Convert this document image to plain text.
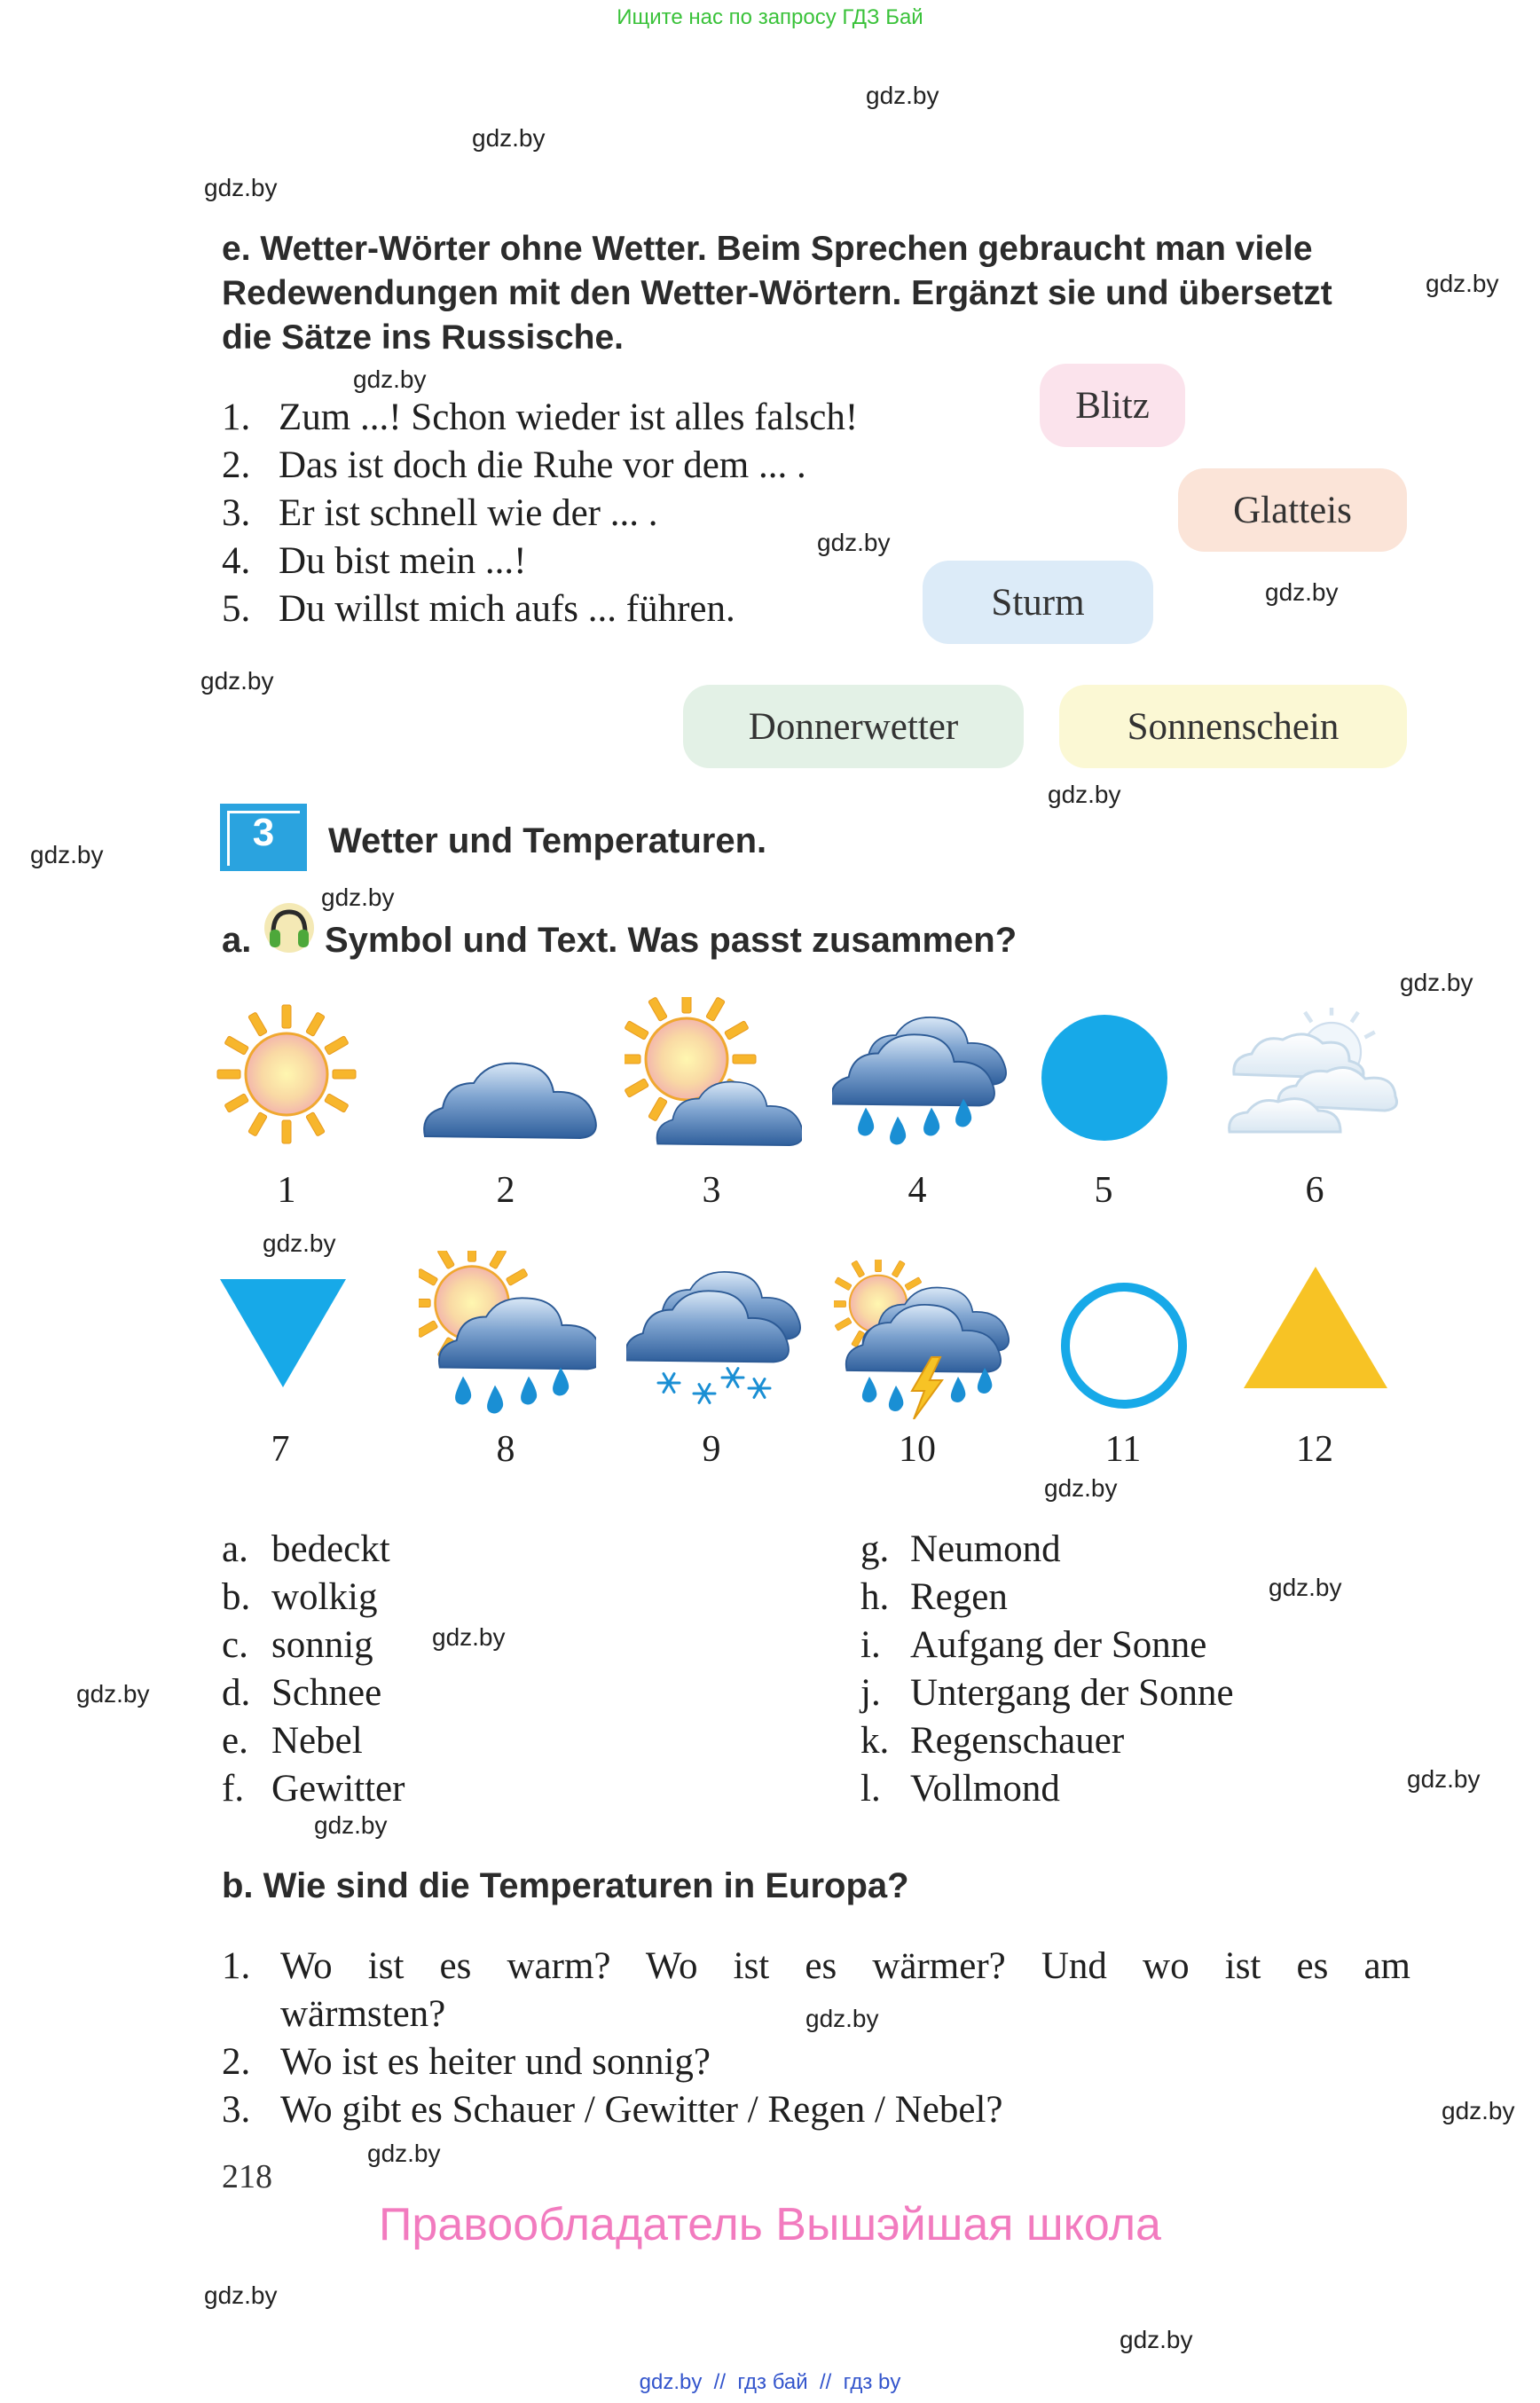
Ищите нас по запросу ГДЗ Бай
gdz.by
gdz.by
gdz.by
gdz.by
gdz.by
gdz.by
gdz.by
gdz.by
gdz.by
gdz.by
gdz.by
gdz.by
gdz.by
gdz.by
gdz.by
gdz.by
gdz.by
gdz.by
gdz.by
gdz.by
gdz.by
gdz.by
gdz.by
gdz.by
e. Wetter-Wörter ohne Wetter. Beim Sprechen gebraucht man viele
Redewendungen mit den Wetter-Wörtern. Ergänzt sie und übersetzt
die Sätze ins Russische.
1. Zum ...! Schon wieder ist alles falsch!
2. Das ist doch die Ruhe vor dem ... .
3. Er ist schnell wie der ... .
4. Du bist mein ...!
5. Du willst mich aufs ... führen.
Blitz
Glatteis
Sturm
Donnerwetter	Sonnenschein
3	Wetter und Temperaturen.
a. Symbol und Text. Was passt zusammen?
1	2	3	4	5	6
7	8	9	10	11	12
a. bedeckt
b. wolkig
c. sonnig
d. Schnee
e. Nebel
f. Gewitter
g. Neumond
h. Regen
i. Aufgang der Sonne
j. Untergang der Sonne
k. Regenschauer
l. Vollmond
b. Wie sind die Temperaturen in Europa?
1. Wo ist es warm? Wo ist es wärmer? Und wo ist es am
wärmsten?
2. Wo ist es heiter und sonnig?
3. Wo gibt es Schauer / Gewitter / Regen / Nebel?
218
Правообладатель Вышэйшая школа
gdz.by  //  гдз бай  //  гдз by
